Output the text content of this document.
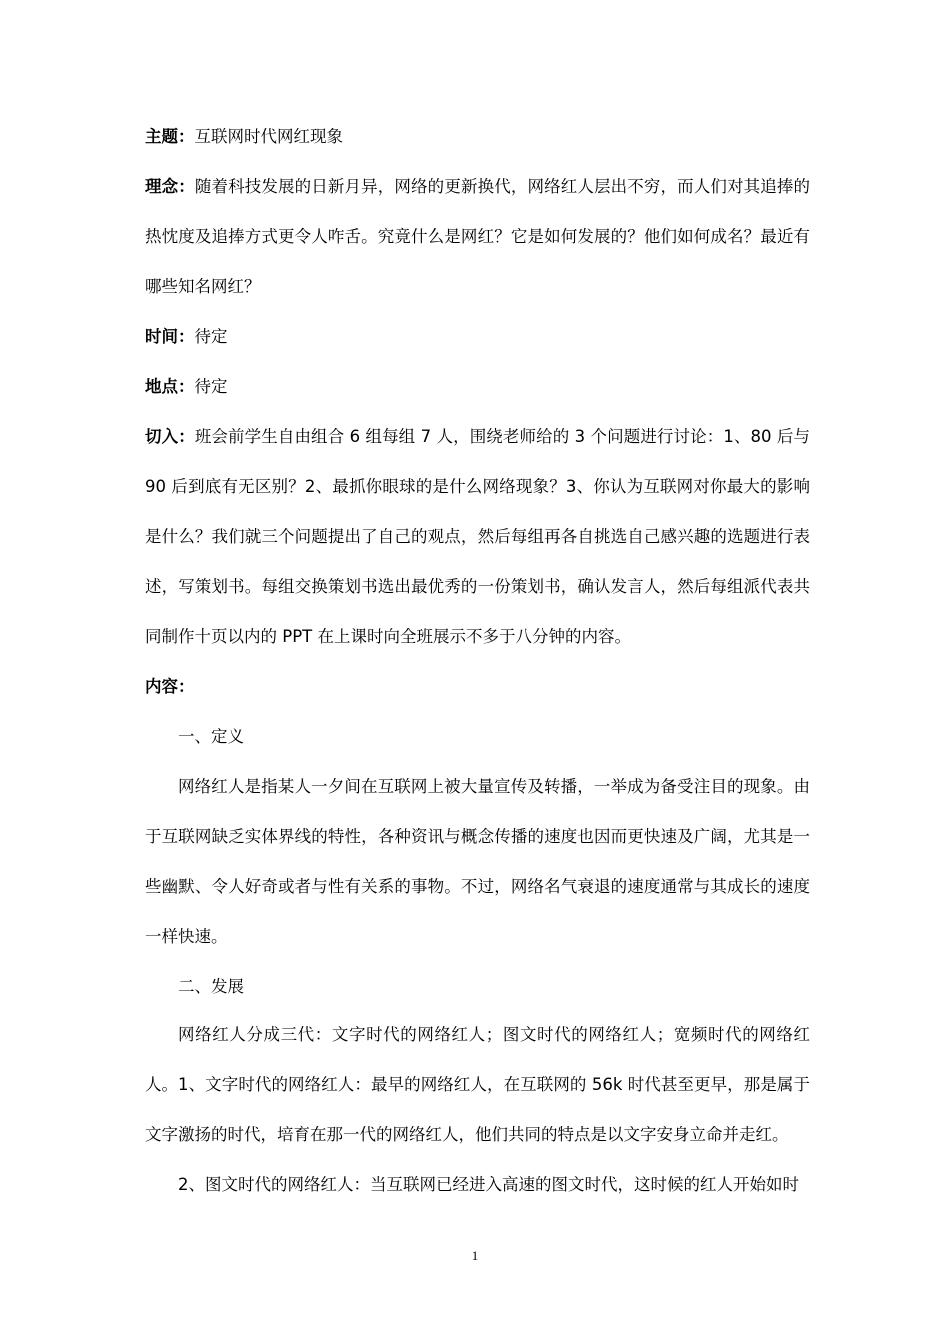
主题：互联网时代网红现象

理念：随着科技发展的日新月异，网络的更新换代，网络红人层出不穷，而人们对其追捧的热忱度及追捧方式更令人咋舌。究竟什么是网红？它是如何发展的？他们如何成名？最近有哪些知名网红？

时间：待定

地点：待定

切入：班会前学生自由组合 6 组每组 7 人，围绕老师给的 3 个问题进行讨论：1、80 后与 90 后到底有无区别？2、最抓你眼球的是什么网络现象？3、你认为互联网对你最大的影响是什么？我们就三个问题提出了自己的观点，然后每组再各自挑选自己感兴趣的选题进行表述，写策划书。每组交换策划书选出最优秀的一份策划书，确认发言人，然后每组派代表共同制作十页以内的 PPT 在上课时向全班展示不多于八分钟的内容。

内容：

一、定义

网络红人是指某人一夕间在互联网上被大量宣传及转播，一举成为备受注目的现象。由于互联网缺乏实体界线的特性，各种资讯与概念传播的速度也因而更快速及广阔，尤其是一些幽默、令人好奇或者与性有关系的事物。不过，网络名气衰退的速度通常与其成长的速度一样快速。

二、发展

网络红人分成三代：文字时代的网络红人；图文时代的网络红人；宽频时代的网络红人。 1、文字时代的网络红人：最早的网络红人，在互联网的 56k 时代甚至更早，那是属于文字激扬的时代，培育在那一代的网络红人，他们共同的特点是以文字安身立命并走红。

2、图文时代的网络红人：当互联网已经进入高速的图文时代，这时候的红人开始如时

1
